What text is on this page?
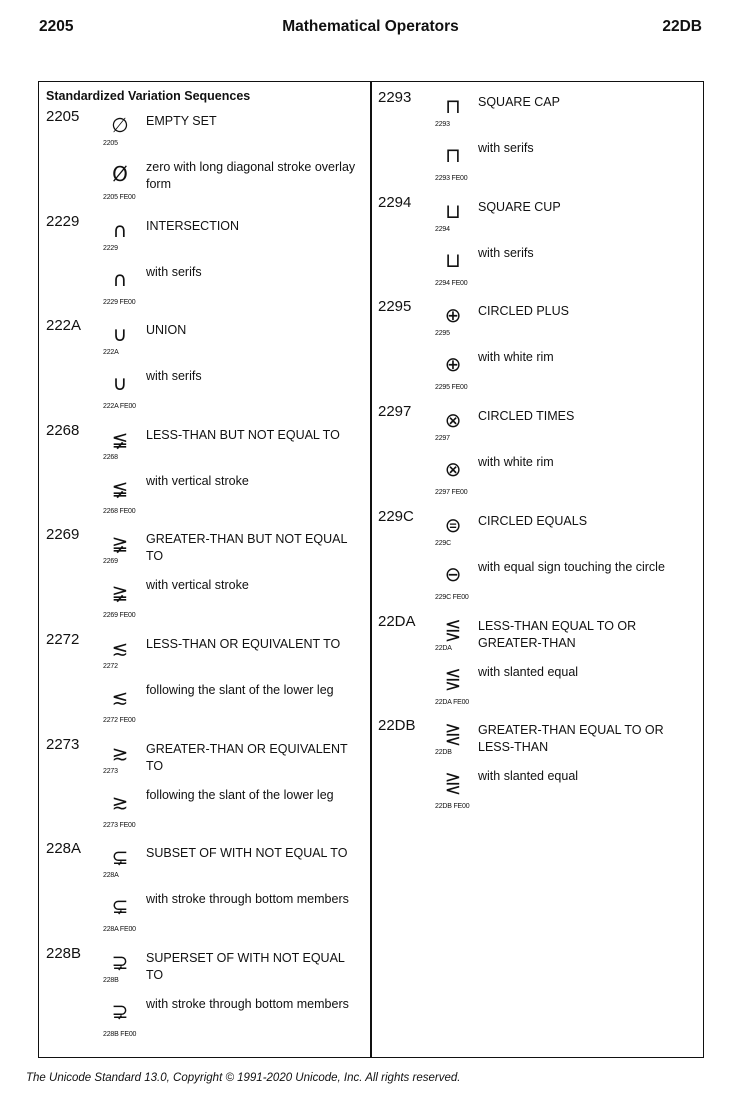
2205	Mathematical Operators	22DB
Standardized Variation Sequences
2205	∅	EMPTY SET
2205
Ø	zero with long diagonal stroke overlay form
2205 FE00
2229	∩	INTERSECTION
2229
∩	with serifs
2229 FE00
222A	∪	UNION
222A
∪	with serifs
222A FE00
2268	≨	LESS-THAN BUT NOT EQUAL TO
2268
≨	with vertical stroke
2268 FE00
2269	≩	GREATER-THAN BUT NOT EQUAL TO
2269
≩	with vertical stroke
2269 FE00
2272	≲	LESS-THAN OR EQUIVALENT TO
2272
≲	following the slant of the lower leg
2272 FE00
2273	≳	GREATER-THAN OR EQUIVALENT TO
2273
≳	following the slant of the lower leg
2273 FE00
228A	⊊	SUBSET OF WITH NOT EQUAL TO
228A
⊊	with stroke through bottom members
228A FE00
228B	⊋	SUPERSET OF WITH NOT EQUAL TO
228B
⊋	with stroke through bottom members
228B FE00
2293	⊓	SQUARE CAP
2293
⊓	with serifs
2293 FE00
2294	⊔	SQUARE CUP
2294
⊔	with serifs
2294 FE00
2295	⊕	CIRCLED PLUS
2295
⊕	with white rim
2295 FE00
2297	⊗	CIRCLED TIMES
2297
⊗	with white rim
2297 FE00
229C	⊜	CIRCLED EQUALS
229C
⊖	with equal sign touching the circle
229C FE00
22DA	⋚	LESS-THAN EQUAL TO OR GREATER-THAN
22DA
⋚	with slanted equal
22DA FE00
22DB	⋛	GREATER-THAN EQUAL TO OR LESS-THAN
22DB
⋛	with slanted equal
22DB FE00
The Unicode Standard 13.0, Copyright © 1991-2020 Unicode, Inc. All rights reserved.
